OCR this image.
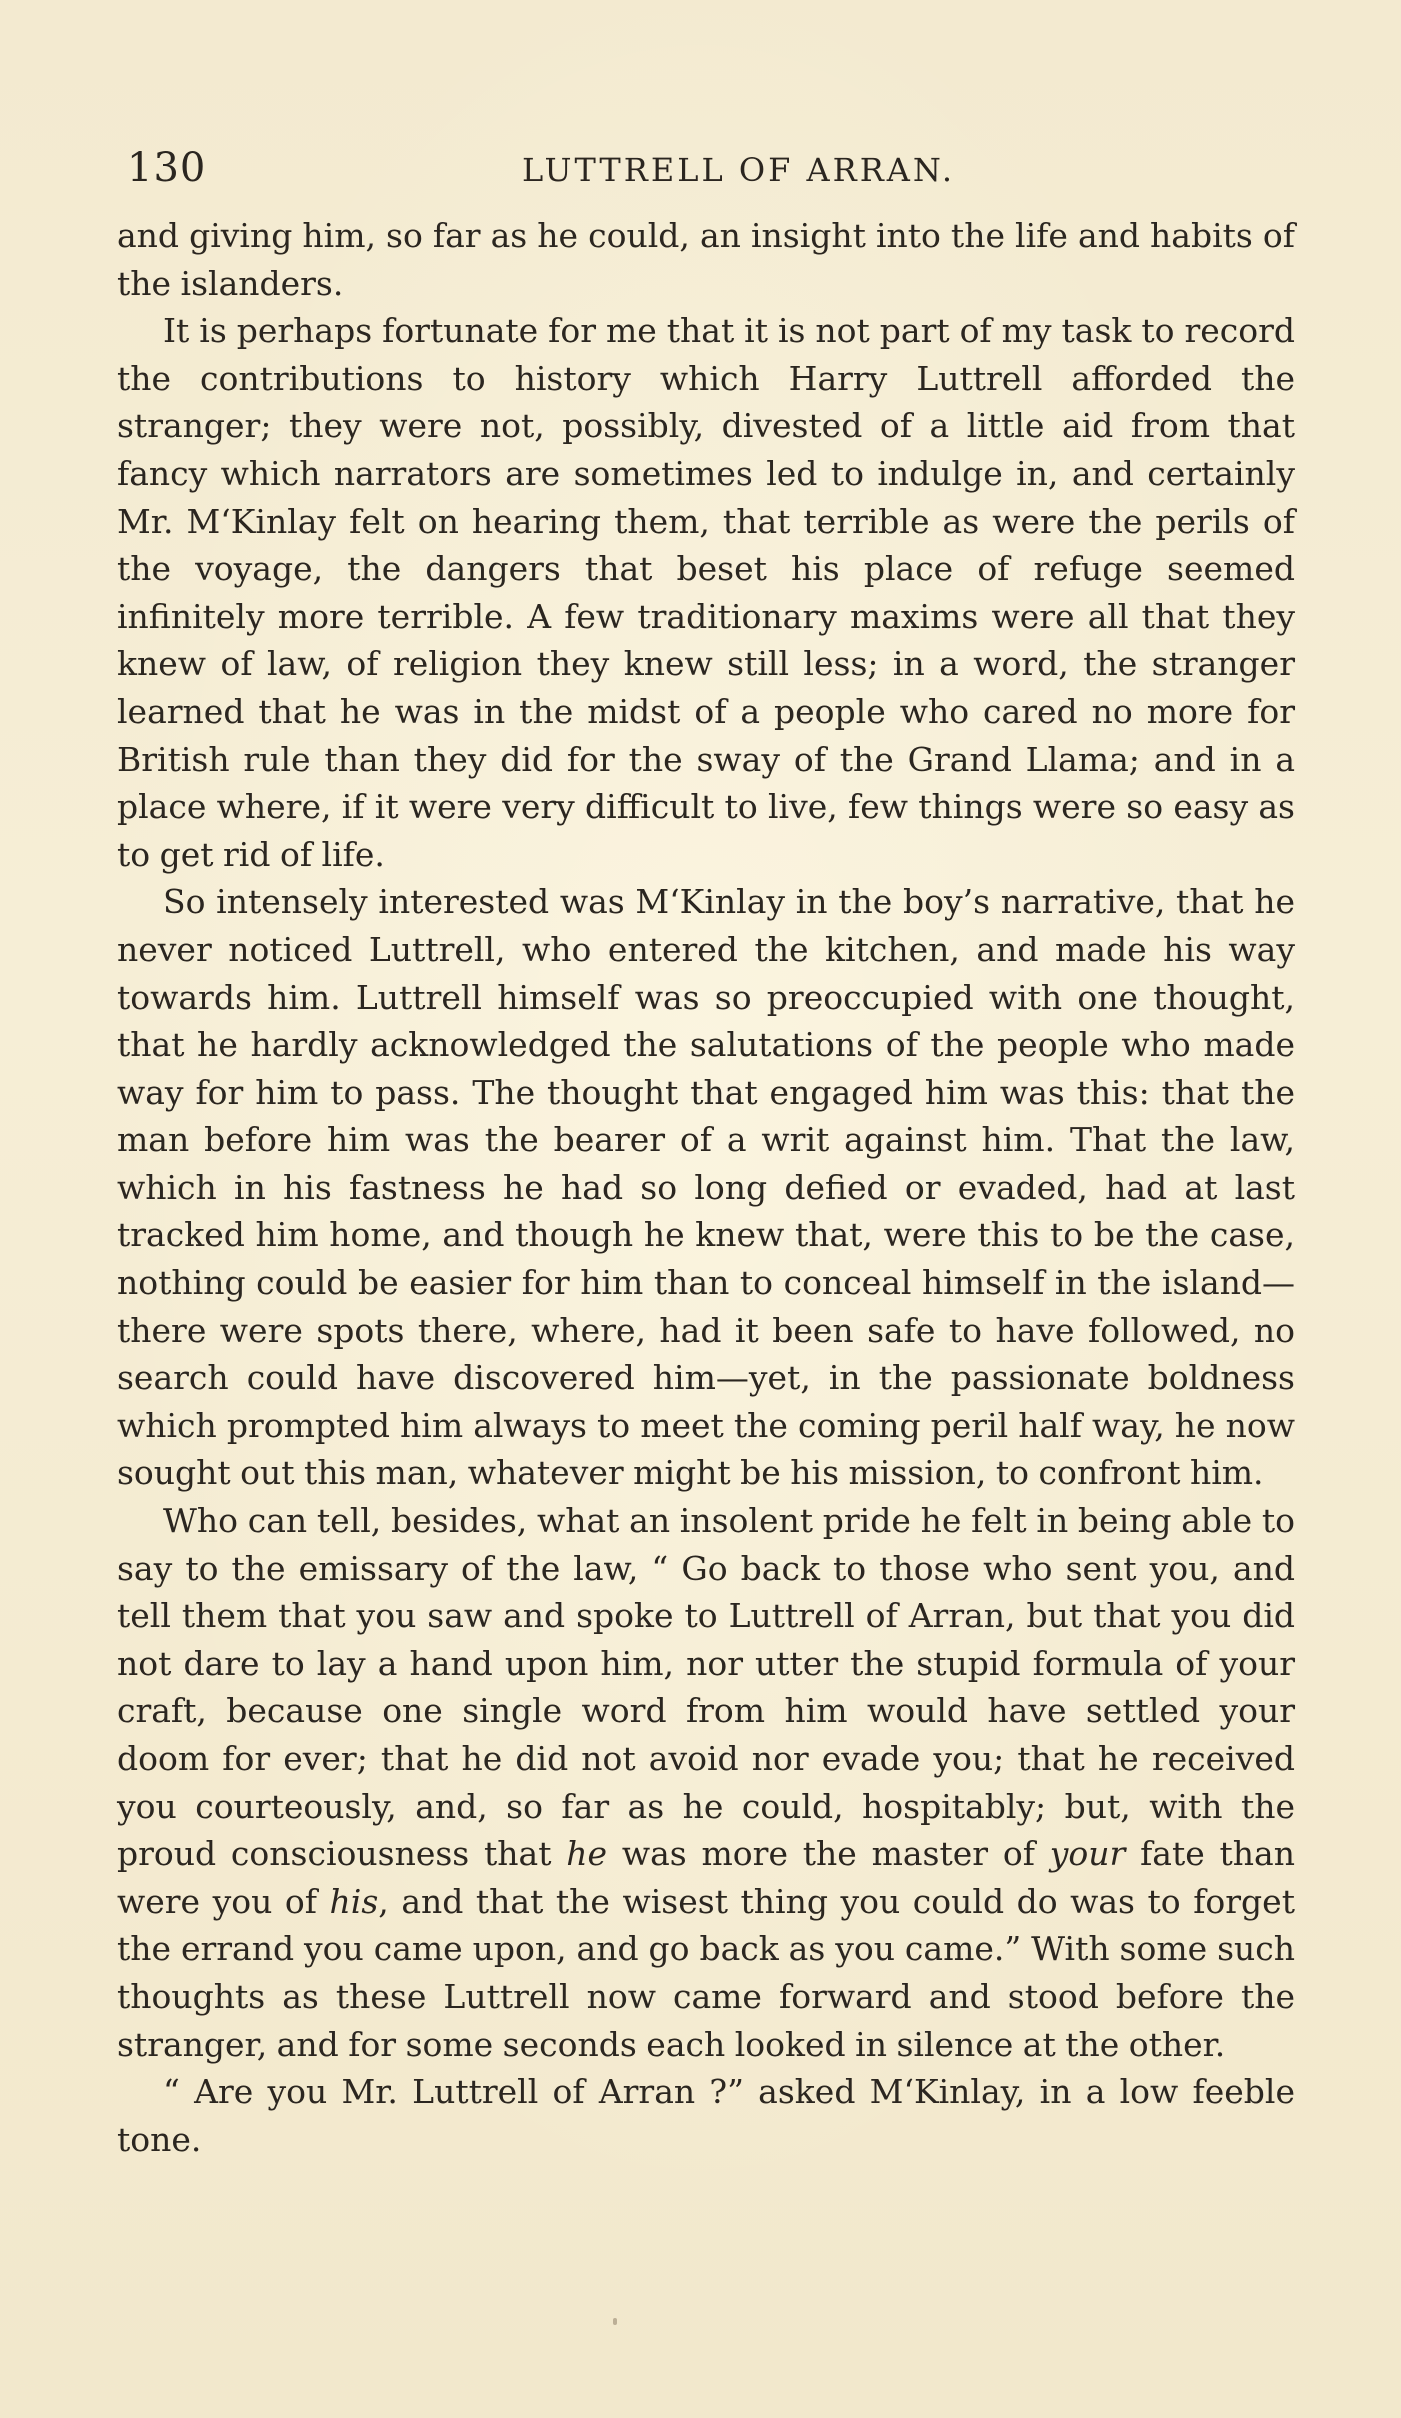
130	LUTTRELL OF ARRAN.

and giving him, so far as he could, an insight into the life and habits of the islanders.

It is perhaps fortunate for me that it is not part of my task to record the contributions to history which Harry Luttrell afforded the stranger; they were not, possibly, divested of a little aid from that fancy which narrators are sometimes led to indulge in, and certainly Mr. M‘Kinlay felt on hearing them, that terrible as were the perils of the voyage, the dangers that beset his place of refuge seemed infinitely more terrible. A few traditionary maxims were all that they knew of law, of religion they knew still less; in a word, the stranger learned that he was in the midst of a people who cared no more for British rule than they did for the sway of the Grand Llama; and in a place where, if it were very difficult to live, few things were so easy as to get rid of life.

So intensely interested was M‘Kinlay in the boy’s narrative, that he never noticed Luttrell, who entered the kitchen, and made his way towards him. Luttrell himself was so preoccupied with one thought, that he hardly acknowledged the salutations of the people who made way for him to pass. The thought that engaged him was this: that the man before him was the bearer of a writ against him. That the law, which in his fastness he had so long defied or evaded, had at last tracked him home, and though he knew that, were this to be the case, nothing could be easier for him than to conceal himself in the island—there were spots there, where, had it been safe to have followed, no search could have discovered him—yet, in the passionate boldness which prompted him always to meet the coming peril half way, he now sought out this man, whatever might be his mission, to confront him.

Who can tell, besides, what an insolent pride he felt in being able to say to the emissary of the law, “ Go back to those who sent you, and tell them that you saw and spoke to Luttrell of Arran, but that you did not dare to lay a hand upon him, nor utter the stupid formula of your craft, because one single word from him would have settled your doom for ever; that he did not avoid nor evade you; that he received you courteously, and, so far as he could, hospitably; but, with the proud consciousness that he was more the master of your fate than were you of his, and that the wisest thing you could do was to forget the errand you came upon, and go back as you came.” With some such thoughts as these Luttrell now came forward and stood before the stranger, and for some seconds each looked in silence at the other.

“ Are you Mr. Luttrell of Arran ?” asked M‘Kinlay, in a low feeble tone.
